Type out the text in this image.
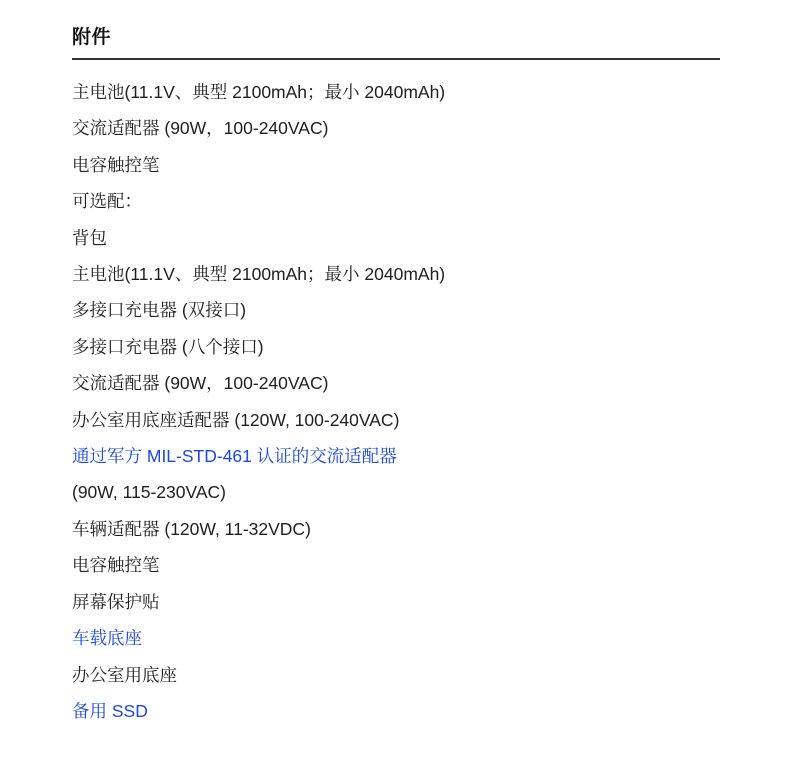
附件
主电池(11.1V、典型 2100mAh；最小 2040mAh)
交流适配器 (90W，100-240VAC)
电容触控笔
可选配：
背包
主电池(11.1V、典型 2100mAh；最小 2040mAh)
多接口充电器 (双接口)
多接口充电器 (八个接口)
交流适配器 (90W，100-240VAC)
办公室用底座适配器 (120W, 100-240VAC)
通过军方 MIL-STD-461 认证的交流适配器
(90W, 115-230VAC)
车辆适配器 (120W, 11-32VDC)
电容触控笔
屏幕保护贴
车载底座
办公室用底座
备用 SSD
